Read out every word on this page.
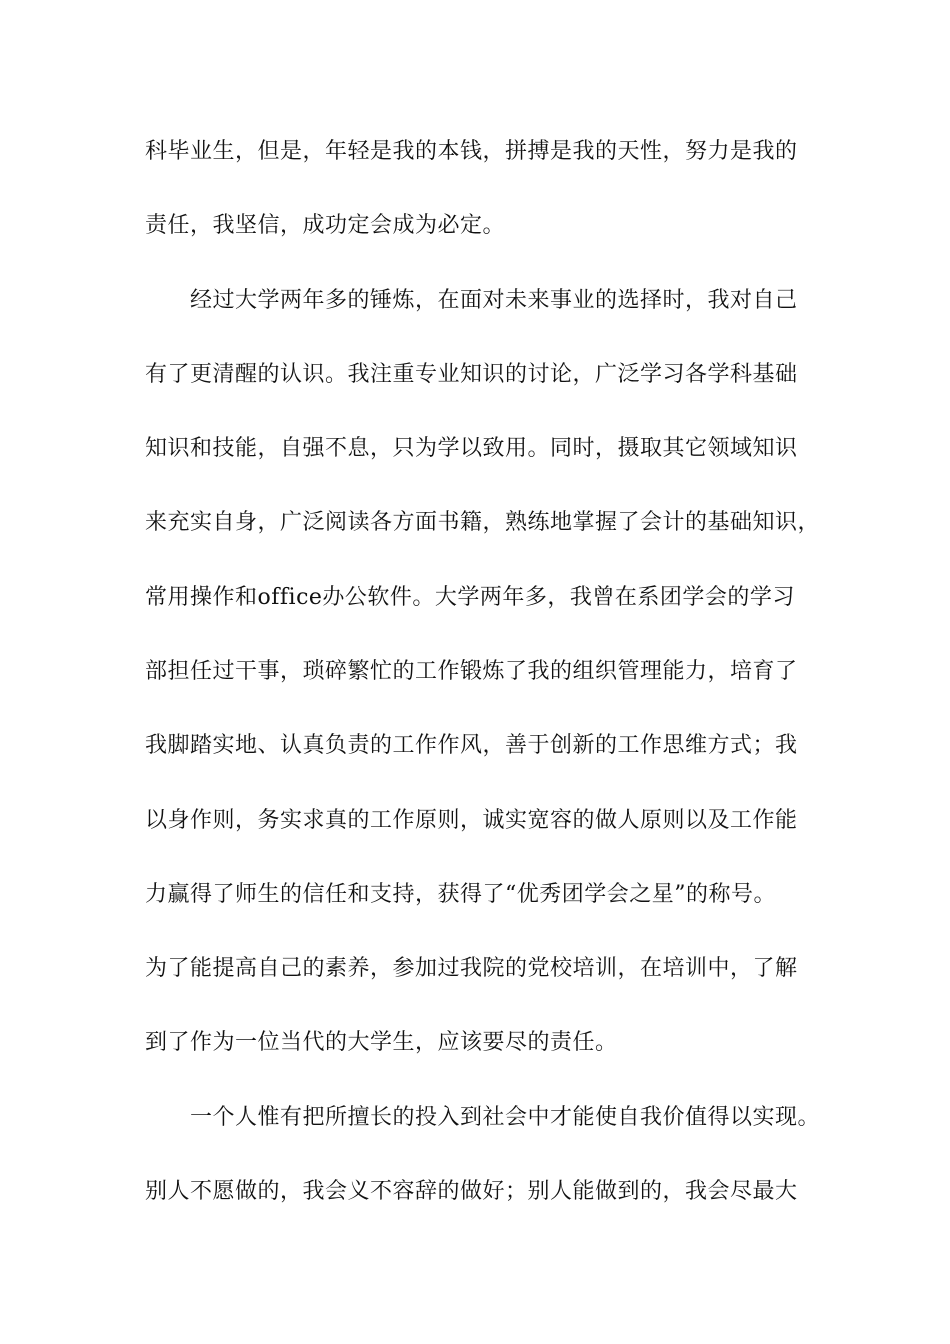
科毕业生，但是，年轻是我的本钱，拼搏是我的天性，努力是我的
责任，我坚信，成功定会成为必定。
经过大学两年多的锤炼，在面对未来事业的选择时，我对自己
有了更清醒的认识。我注重专业知识的讨论，广泛学习各学科基础
知识和技能，自强不息，只为学以致用。同时，摄取其它领域知识
来充实自身，广泛阅读各方面书籍，熟练地掌握了会计的基础知识，
常用操作和office办公软件。大学两年多，我曾在系团学会的学习
部担任过干事，琐碎繁忙的工作锻炼了我的组织管理能力，培育了
我脚踏实地、认真负责的工作作风，善于创新的工作思维方式；我
以身作则，务实求真的工作原则，诚实宽容的做人原则以及工作能
力赢得了师生的信任和支持，获得了“优秀团学会之星”的称号。
为了能提高自己的素养，参加过我院的党校培训，在培训中，了解
到了作为一位当代的大学生，应该要尽的责任。
一个人惟有把所擅长的投入到社会中才能使自我价值得以实现。
别人不愿做的，我会义不容辞的做好；别人能做到的，我会尽最大
